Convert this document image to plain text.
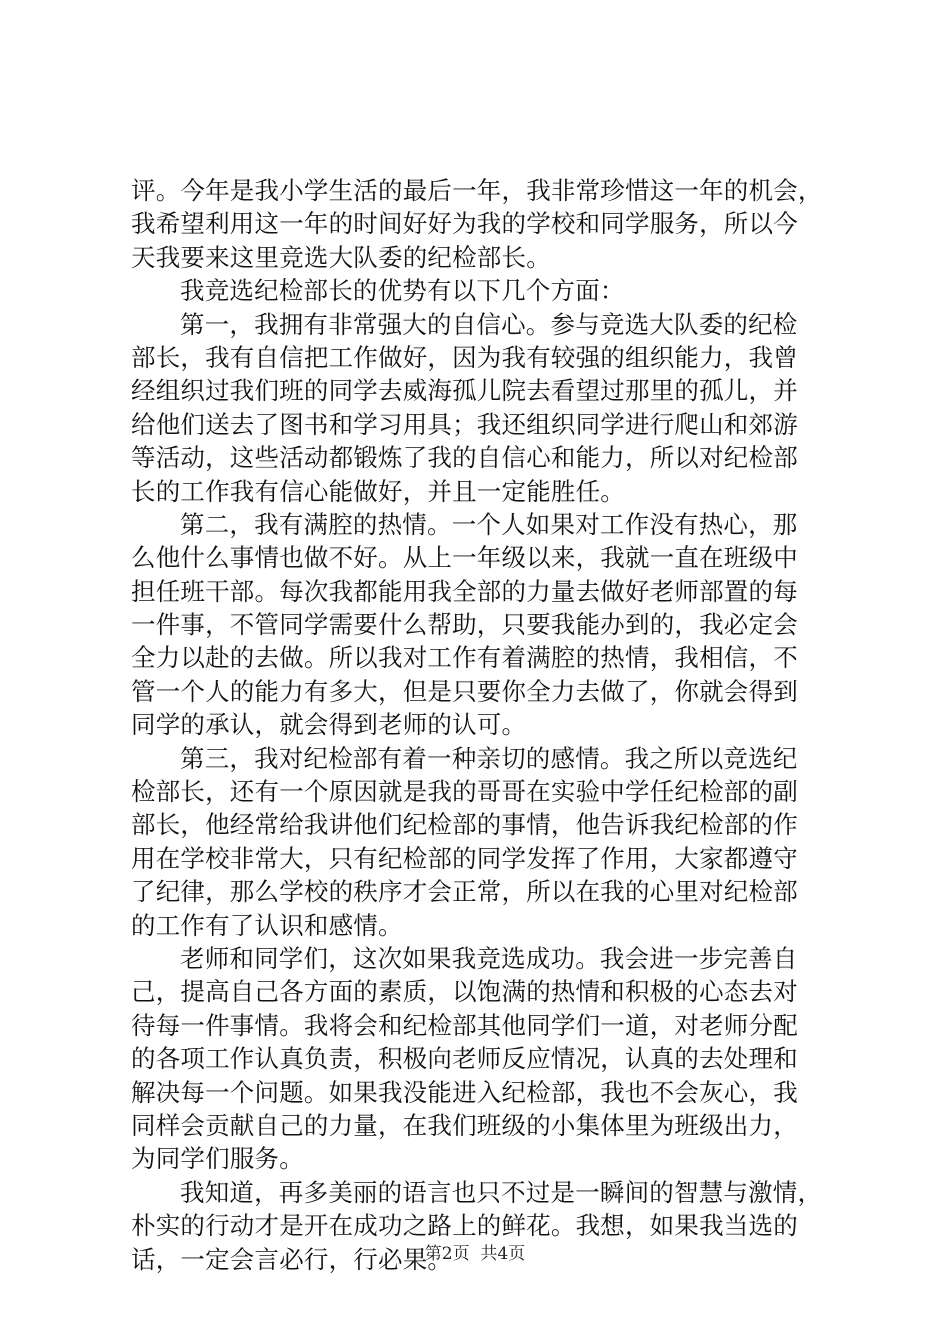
评。今年是我小学生活的最后一年，我非常珍惜这一年的机会，
我希望利用这一年的时间好好为我的学校和同学服务，所以今
天我要来这里竞选大队委的纪检部长。
我竞选纪检部长的优势有以下几个方面：
第一，我拥有非常强大的自信心。参与竞选大队委的纪检
部长，我有自信把工作做好，因为我有较强的组织能力，我曾
经组织过我们班的同学去威海孤儿院去看望过那里的孤儿，并
给他们送去了图书和学习用具；我还组织同学进行爬山和郊游
等活动，这些活动都锻炼了我的自信心和能力，所以对纪检部
长的工作我有信心能做好，并且一定能胜任。
第二，我有满腔的热情。一个人如果对工作没有热心，那
么他什么事情也做不好。从上一年级以来，我就一直在班级中
担任班干部。每次我都能用我全部的力量去做好老师部置的每
一件事，不管同学需要什么帮助，只要我能办到的，我必定会
全力以赴的去做。所以我对工作有着满腔的热情，我相信，不
管一个人的能力有多大，但是只要你全力去做了，你就会得到
同学的承认，就会得到老师的认可。
第三，我对纪检部有着一种亲切的感情。我之所以竞选纪
检部长，还有一个原因就是我的哥哥在实验中学任纪检部的副
部长，他经常给我讲他们纪检部的事情，他告诉我纪检部的作
用在学校非常大，只有纪检部的同学发挥了作用，大家都遵守
了纪律，那么学校的秩序才会正常，所以在我的心里对纪检部
的工作有了认识和感情。
老师和同学们，这次如果我竞选成功。我会进一步完善自
己，提高自己各方面的素质，以饱满的热情和积极的心态去对
待每一件事情。我将会和纪检部其他同学们一道，对老师分配
的各项工作认真负责，积极向老师反应情况，认真的去处理和
解决每一个问题。如果我没能进入纪检部，我也不会灰心，我
同样会贡献自己的力量，在我们班级的小集体里为班级出力，
为同学们服务。
我知道，再多美丽的语言也只不过是一瞬间的智慧与激情，
朴实的行动才是开在成功之路上的鲜花。我想，如果我当选的
话，一定会言必行，行必果。
第2页  共4页
